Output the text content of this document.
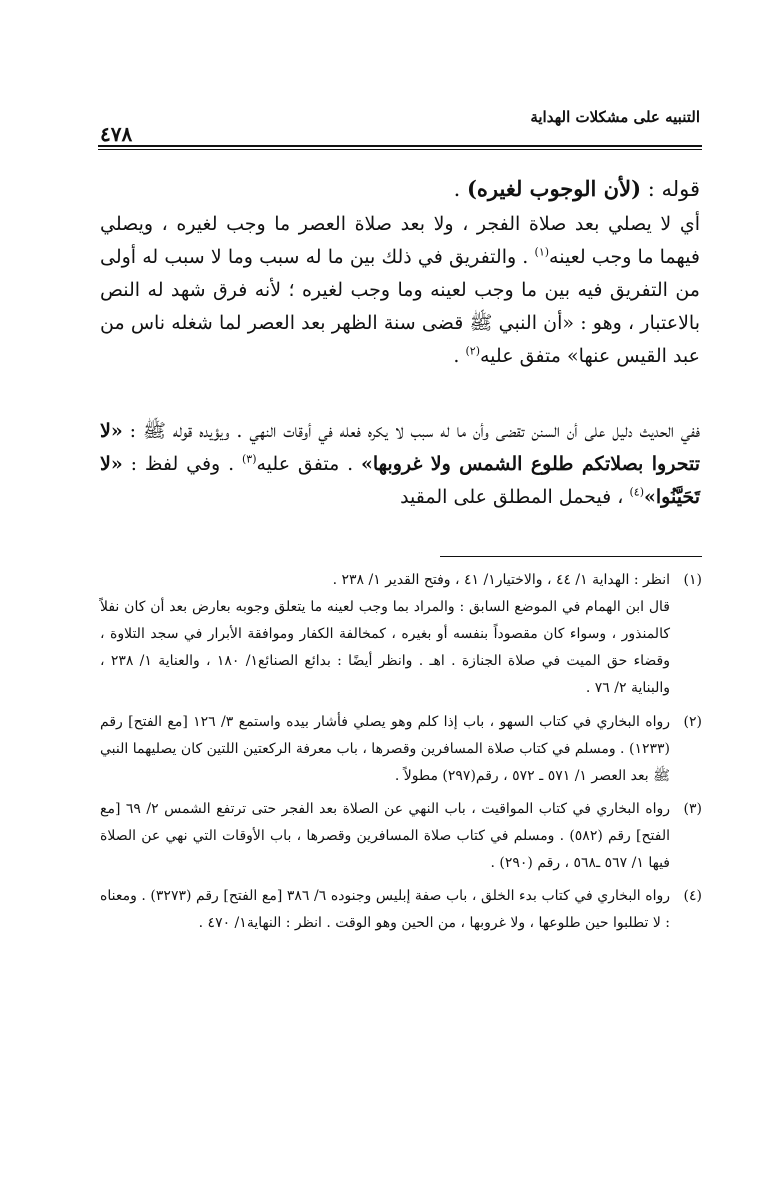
التنبيه على مشكلات الهداية
٤٧٨
قوله : (لأن الوجوب لغيره) .
أي لا يصلي بعد صلاة الفجر ، ولا بعد صلاة العصر ما وجب لغيره ، ويصلي فيهما ما وجب لعينه$^{(١)}$ . والتفريق في ذلك بين ما له سبب وما لا سبب له أولى من التفريق فيه بين ما وجب لعينه وما وجب لغيره ؛ لأنه فرق شهد له النص بالاعتبار ، وهو : «أن النبي ﷺ قضى سنة الظهر بعد العصر لما شغله ناس من عبد القيس عنها» متفق عليه$^{(٢)}$ .
ففي الحديث دليل على أن السنن تقضى وأن ما له سبب لا يكره فعله في أوقات النهي . ويؤيده قوله ﷺ : «لا تتحروا بصلاتكم طلوع الشمس ولا غروبها» . متفق عليه$^{(٣)}$ . وفي لفظ : «لا تَحَيَّنُوا»$^{(٤)}$ ، فيحمل المطلق على المقيد
(١)
انظر : الهداية ١/ ٤٤ ، والاختيار١/ ٤١ ، وفتح القدير ١/ ٢٣٨ .
قال ابن الهمام في الموضع السابق : والمراد بما وجب لعينه ما يتعلق وجوبه بعارض بعد أن كان نفلاً كالمنذور ، وسواء كان مقصوداً بنفسه أو بغيره ، كمخالفة الكفار وموافقة الأبرار في سجد التلاوة ، وقضاء حق الميت في صلاة الجنازة . اهـ . وانظر أيضًا : بدائع الصنائع١/ ١٨٠ ، والعناية ١/ ٢٣٨ ، والبناية ٢/ ٧٦ .
(٢)
رواه البخاري في كتاب السهو ، باب إذا كلم وهو يصلي فأشار بيده واستمع ٣/ ١٢٦ [مع الفتح] رقم (١٢٣٣) . ومسلم في كتاب صلاة المسافرين وقصرها ، باب معرفة الركعتين اللتين كان يصليهما النبي ﷺ بعد العصر ١/ ٥٧١ ـ ٥٧٢ ، رقم(٢٩٧) مطولاً .
(٣)
رواه البخاري في كتاب المواقيت ، باب النهي عن الصلاة بعد الفجر حتى ترتفع الشمس ٢/ ٦٩ [مع الفتح] رقم (٥٨٢) . ومسلم في كتاب صلاة المسافرين وقصرها ، باب الأوقات التي نهي عن الصلاة فيها ١/ ٥٦٧ ـ٥٦٨ ، رقم (٢٩٠) .
(٤)
رواه البخاري في كتاب بدء الخلق ، باب صفة إبليس وجنوده ٦/ ٣٨٦ [مع الفتح] رقم (٣٢٧٣) . ومعناه : لا تطلبوا حين طلوعها ، ولا غروبها ، من الحين وهو الوقت . انظر : النهاية١/ ٤٧٠ .
